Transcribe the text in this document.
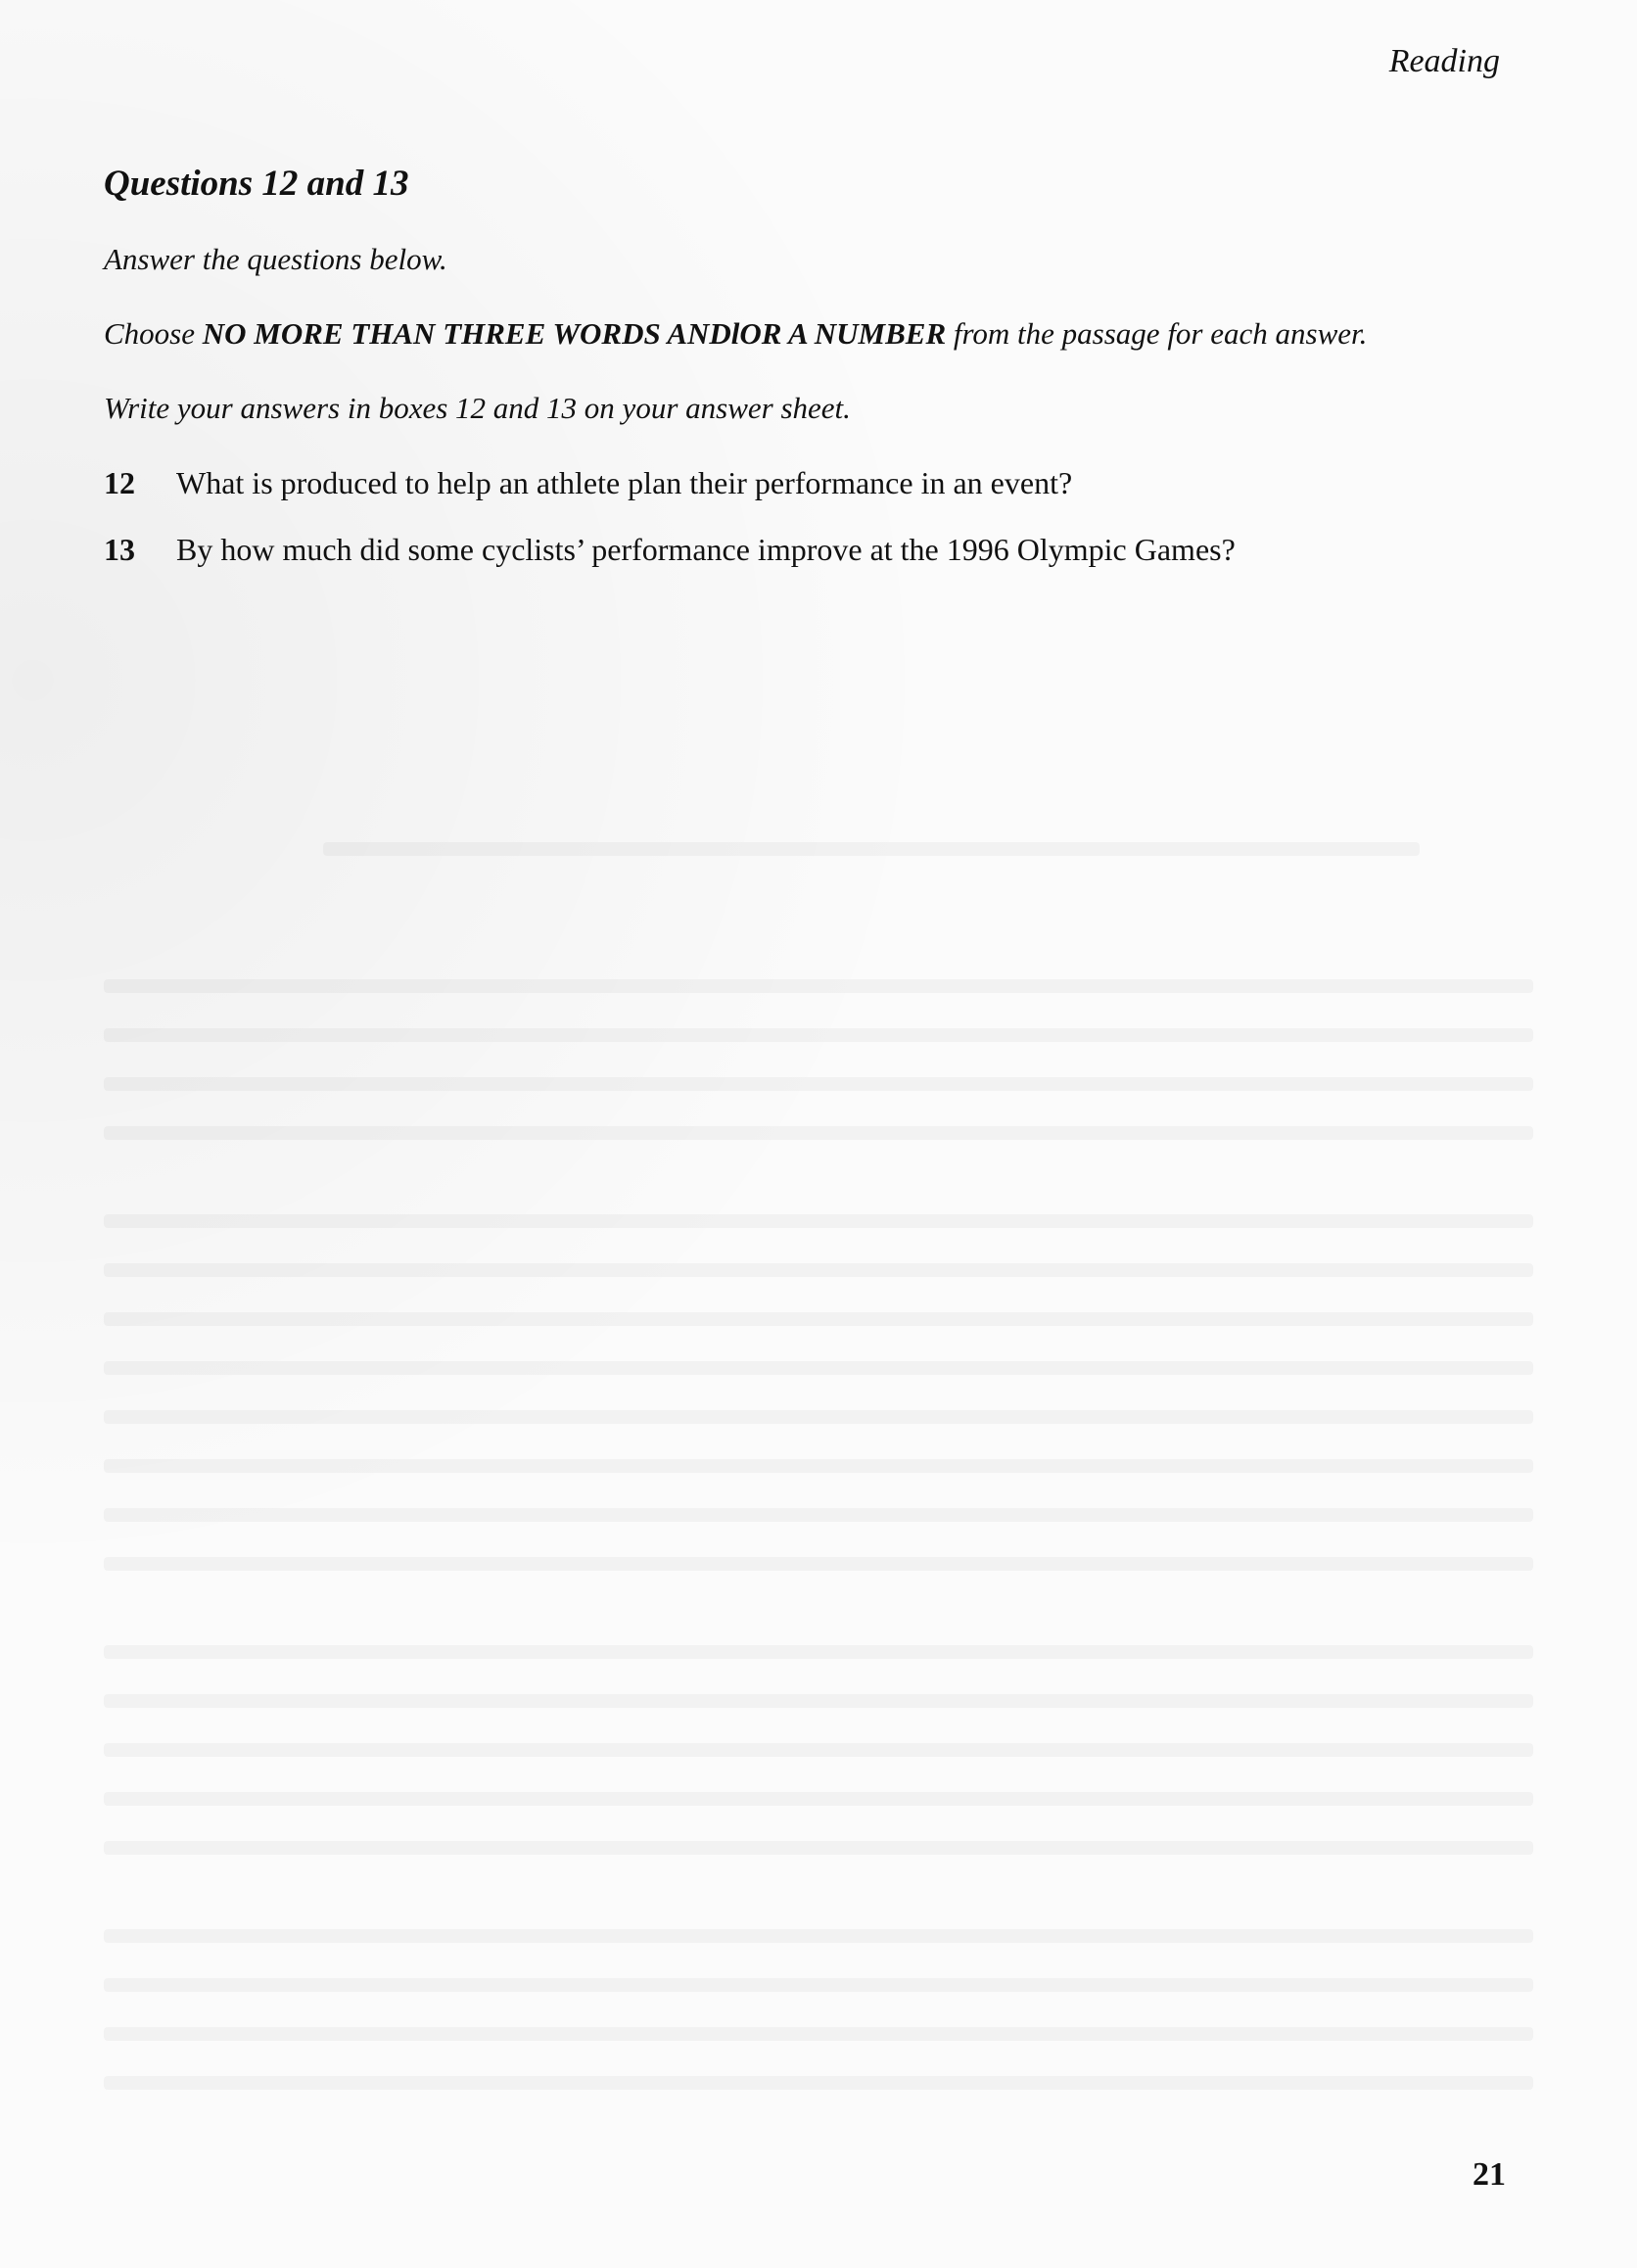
Reading
Questions 12 and 13
Answer the questions below.
Choose NO MORE THAN THREE WORDS ANDlOR A NUMBER from the passage for each answer.
Write your answers in boxes 12 and 13 on your answer sheet.
12	What is produced to help an athlete plan their performance in an event?
13	By how much did some cyclists’ performance improve at the 1996 Olympic Games?
21
